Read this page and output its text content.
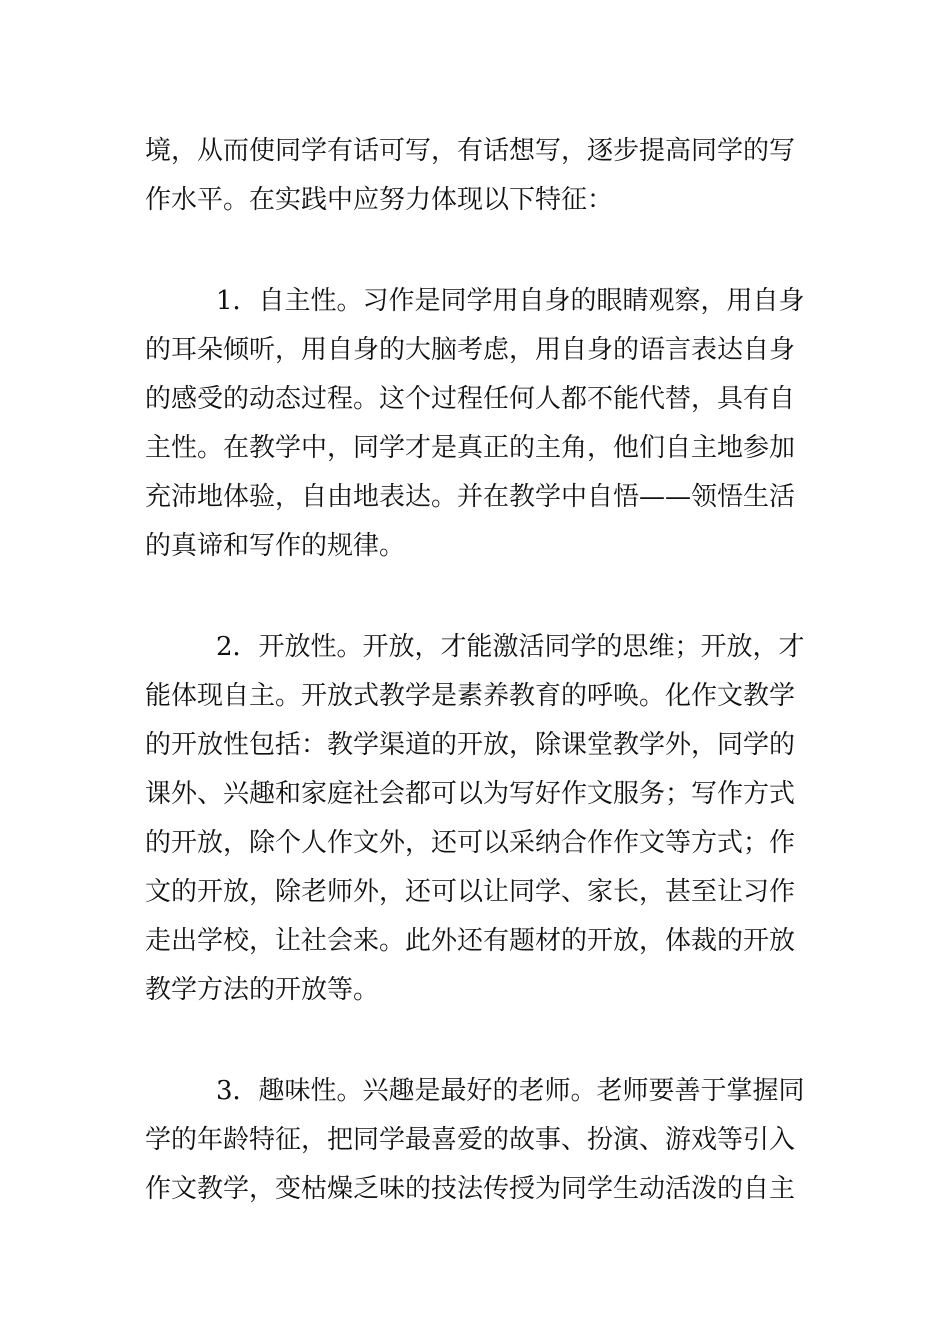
境，从而使同学有话可写，有话想写，逐步提高同学的写
作水平。在实践中应努力体现以下特征：
1．自主性。习作是同学用自身的眼睛观察，用自身
的耳朵倾听，用自身的大脑考虑，用自身的语言表达自身
的感受的动态过程。这个过程任何人都不能代替，具有自
主性。在教学中，同学才是真正的主角，他们自主地参加
充沛地体验，自由地表达。并在教学中自悟——领悟生活
的真谛和写作的规律。
2．开放性。开放，才能激活同学的思维；开放，才
能体现自主。开放式教学是素养教育的呼唤。化作文教学
的开放性包括：教学渠道的开放，除课堂教学外，同学的
课外、兴趣和家庭社会都可以为写好作文服务；写作方式
的开放，除个人作文外，还可以采纳合作作文等方式；作
文的开放，除老师外，还可以让同学、家长，甚至让习作
走出学校，让社会来。此外还有题材的开放，体裁的开放
教学方法的开放等。
3．趣味性。兴趣是最好的老师。老师要善于掌握同
学的年龄特征，把同学最喜爱的故事、扮演、游戏等引入
作文教学，变枯燥乏味的技法传授为同学生动活泼的自主
